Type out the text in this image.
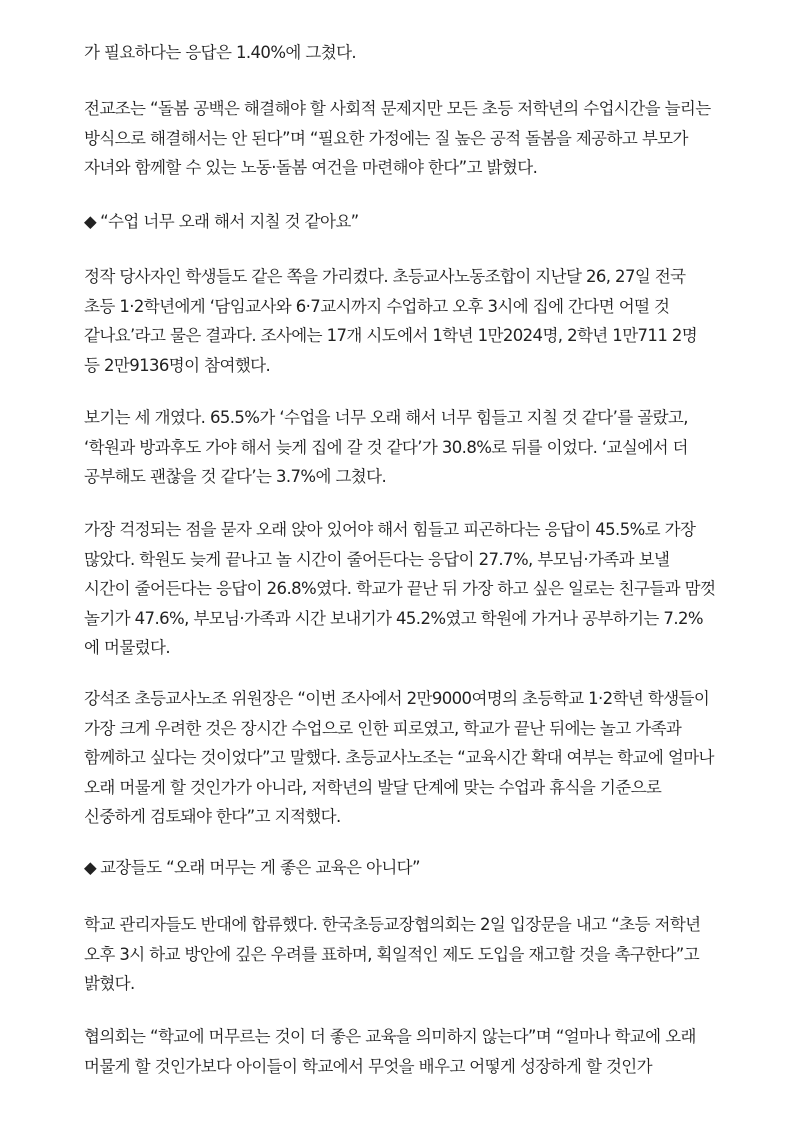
가 필요하다는 응답은 1.40%에 그쳤다.

전교조는 “돌봄 공백은 해결해야 할 사회적 문제지만 모든 초등 저학년의 수업시간을 늘리는 방식으로 해결해서는 안 된다”며 “필요한 가정에는 질 높은 공적 돌봄을 제공하고 부모가 자녀와 함께할 수 있는 노동·돌봄 여건을 마련해야 한다”고 밝혔다.

◆ “수업 너무 오래 해서 지칠 것 같아요”

정작 당사자인 학생들도 같은 쪽을 가리켰다. 초등교사노동조합이 지난달 26, 27일 전국 초등 1·2학년에게 ‘담임교사와 6·7교시까지 수업하고 오후 3시에 집에 간다면 어떨 것 같나요’라고 물은 결과다. 조사에는 17개 시도에서 1학년 1만2024명, 2학년 1만711 2명 등 2만9136명이 참여했다.

보기는 세 개였다. 65.5%가 ‘수업을 너무 오래 해서 너무 힘들고 지칠 것 같다’를 골랐고, ‘학원과 방과후도 가야 해서 늦게 집에 갈 것 같다’가 30.8%로 뒤를 이었다. ‘교실에서 더 공부해도 괜찮을 것 같다’는 3.7%에 그쳤다.

가장 걱정되는 점을 묻자 오래 앉아 있어야 해서 힘들고 피곤하다는 응답이 45.5%로 가장 많았다. 학원도 늦게 끝나고 놀 시간이 줄어든다는 응답이 27.7%, 부모님·가족과 보낼 시간이 줄어든다는 응답이 26.8%였다. 학교가 끝난 뒤 가장 하고 싶은 일로는 친구들과 맘껏 놀기가 47.6%, 부모님·가족과 시간 보내기가 45.2%였고 학원에 가거나 공부하기는 7.2%에 머물렀다.

강석조 초등교사노조 위원장은 “이번 조사에서 2만9000여명의 초등학교 1·2학년 학생들이 가장 크게 우려한 것은 장시간 수업으로 인한 피로였고, 학교가 끝난 뒤에는 놀고 가족과 함께하고 싶다는 것이었다”고 말했다. 초등교사노조는 “교육시간 확대 여부는 학교에 얼마나 오래 머물게 할 것인가가 아니라, 저학년의 발달 단계에 맞는 수업과 휴식을 기준으로 신중하게 검토돼야 한다”고 지적했다.

◆ 교장들도 “오래 머무는 게 좋은 교육은 아니다”

학교 관리자들도 반대에 합류했다. 한국초등교장협의회는 2일 입장문을 내고 “초등 저학년 오후 3시 하교 방안에 깊은 우려를 표하며, 획일적인 제도 도입을 재고할 것을 촉구한다”고 밝혔다.

협의회는 “학교에 머무르는 것이 더 좋은 교육을 의미하지 않는다”며 “얼마나 학교에 오래 머물게 할 것인가보다 아이들이 학교에서 무엇을 배우고 어떻게 성장하게 할 것인가
